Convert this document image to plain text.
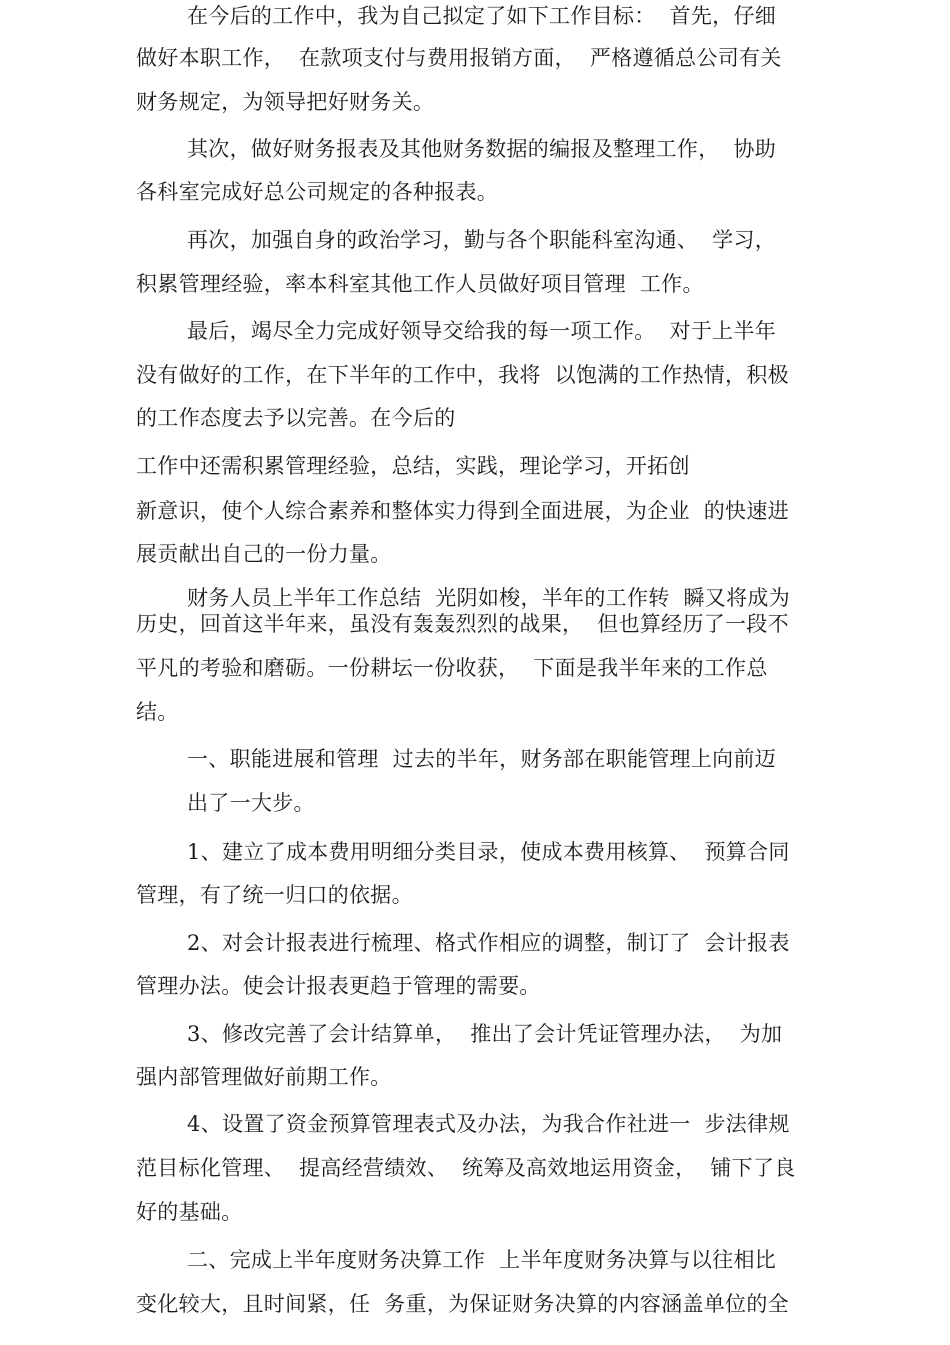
在今后的工作中，我为自己拟定了如下工作目标：  首先，仔细
做好本职工作，  在款项支付与费用报销方面，  严格遵循总公司有关
财务规定，为领导把好财务关。
其次，做好财务报表及其他财务数据的编报及整理工作，  协助
各科室完成好总公司规定的各种报表。
再次，加强自身的政治学习，勤与各个职能科室沟通、  学习，
积累管理经验，率本科室其他工作人员做好项目管理  工作。
最后，竭尽全力完成好领导交给我的每一项工作。  对于上半年
没有做好的工作，在下半年的工作中，我将  以饱满的工作热情，积极
的工作态度去予以完善。在今后的
工作中还需积累管理经验，总结，实践，理论学习，开拓创
新意识，使个人综合素养和整体实力得到全面进展，为企业  的快速进
展贡献出自己的一份力量。
财务人员上半年工作总结  光阴如梭，半年的工作转  瞬又将成为
历史，回首这半年来，虽没有轰轰烈烈的战果，  但也算经历了一段不
平凡的考验和磨砺。一份耕坛一份收获，  下面是我半年来的工作总
结。
一、职能进展和管理  过去的半年，财务部在职能管理上向前迈
出了一大步。
1、建立了成本费用明细分类目录，使成本费用核算、  预算合同
管理，有了统一归口的依据。
2、对会计报表进行梳理、格式作相应的调整，制订了  会计报表
管理办法。使会计报表更趋于管理的需要。
3、修改完善了会计结算单，  推出了会计凭证管理办法，  为加
强内部管理做好前期工作。
4、设置了资金预算管理表式及办法，为我合作社进一  步法律规
范目标化管理、  提高经营绩效、  统筹及高效地运用资金，  铺下了良
好的基础。
二、完成上半年度财务决算工作  上半年度财务决算与以往相比
变化较大，且时间紧，任  务重，为保证财务决算的内容涵盖单位的全
